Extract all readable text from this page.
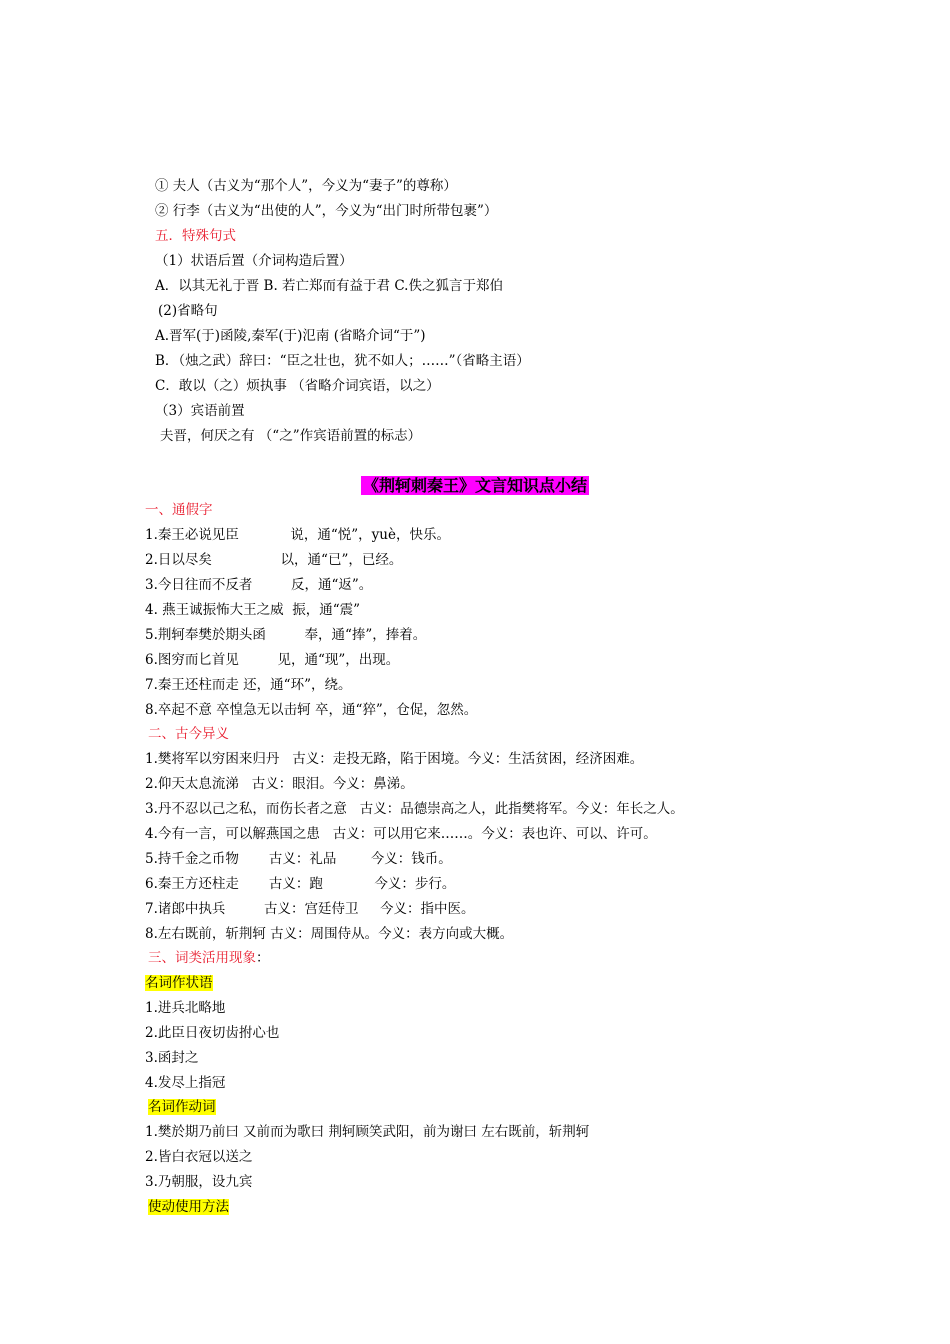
① 夫人（古义为“那个人”，今义为“妻子”的尊称）
② 行李（古义为“出使的人”，今义为“出门时所带包裹”）
五．特殊句式
（1）状语后置（介词构造后置）
A．以其无礼于晋 B. 若亡郑而有益于君 C.佚之狐言于郑伯
(2)省略句
A.晋军(于)函陵,秦军(于)氾南 (省略介词“于”)
B．（烛之武）辞曰：“臣之壮也，犹不如人；……”（省略主语）
C．敢以（之）烦执事 （省略介词宾语，以之）
（3）宾语前置
夫晋，何厌之有 （“之”作宾语前置的标志）
《荆轲刺秦王》文言知识点小结
一、通假字
1.秦王必说见臣            说，通“悦”，yuè，快乐。
2.日以尽矣                以，通“已”，已经。
3.今日往而不反者         反，通“返”。
4. 燕王诚振怖大王之威  振，通“震”
5.荆轲奉樊於期头函         奉，通“捧”，捧着。
6.图穷而匕首见         见，通“现”，出现。
7.秦王还柱而走 还，通“环”，绕。
8.卒起不意 卒惶急无以击轲 卒，通“猝”，仓促，忽然。
二、古今异义
1.樊将军以穷困来归丹   古义：走投无路，陷于困境。今义：生活贫困，经济困难。
2.仰天太息流涕   古义：眼泪。今义：鼻涕。
3.丹不忍以己之私，而伤长者之意   古义：品德崇高之人，此指樊将军。今义：年长之人。
4.今有一言，可以解燕国之患   古义：可以用它来……。今义：表也许、可以、许可。
5.持千金之币物       古义：礼品        今义：钱币。
6.秦王方还柱走       古义：跑            今义：步行。
7.诸郎中执兵         古义：宫廷侍卫     今义：指中医。
8.左右既前，斩荆轲 古义：周围侍从。今义：表方向或大概。
三、词类活用现象：
名词作状语
1.进兵北略地
2.此臣日夜切齿拊心也
3.函封之
4.发尽上指冠
名词作动词
1.樊於期乃前曰 又前而为歌曰 荆轲顾笑武阳，前为谢曰 左右既前，斩荆轲
2.皆白衣冠以送之
3.乃朝服，设九宾
使动使用方法
